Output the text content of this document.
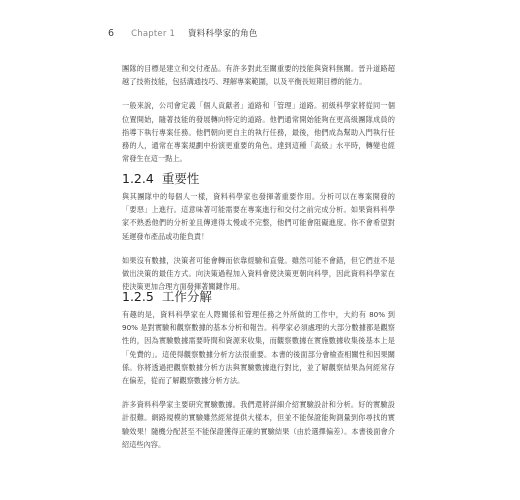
6 Chapter 1 資料科學家的角色

團隊的目標是建立和交付產品。有許多對此至關重要的技能與資料無關。晉升道路超越了技術技能，包括溝通技巧、理解專案範圍，以及平衡長短期目標的能力。

一般來說，公司會定義「個人貢獻者」道路和「管理」道路。初級科學家將從同一個位置開始，隨著技能的發展轉向特定的道路。他們通常開始能夠在更高級團隊成員的指導下執行專案任務。他們朝向更自主的執行任務，最後，他們成為幫助入門執行任務的人，通常在專案規劃中扮演更重要的角色。達到這種「高級」水平時，轉變也經常發生在這一點上。

1.2.4 重要性

與其團隊中的每個人一樣，資料科學家也發揮著重要作用。分析可以在專案開發的「要惡」上進行。這意味著可能需要在專案進行和交付之前完成分析。如果資料科學家不熟悉他們的分析並且傳達得太慢或不完整，他們可能會阻礙進度。你不會希望對延遲發布產品或功能負責！

如果沒有數據，決策者可能會轉而依靠經驗和直覺。雖然可能不會錯，但它們並不是做出決策的最佳方式。向決策過程加入資料會使決策更朝向科學，因此資料科學家在使決策更加合理方面發揮著關鍵作用。

1.2.5 工作分解

有趣的是，資料科學家在人際關係和管理任務之外所做的工作中，大約有 80% 到 90% 是對實驗和觀察數據的基本分析和報告。科學家必須處理的大部分數據都是觀察性的，因為實驗數據需要時間和資源來收集，而觀察數據在實施數據收集後基本上是「免費的」。這使得觀察數據分析方法很重要。本書的後面部分會檢查相關性和因果關係。你將透過把觀察數據分析方法與實驗數據進行對比，並了解觀察結果為何經常存在偏差，從而了解觀察數據分析方法。

許多資料科學家主要研究實驗數據。我們還將詳細介紹實驗設計和分析。好的實驗設計很難。網路規模的實驗雖然經常提供大樣本，但並不能保證能夠測量到你尋找的實驗效果！隨機分配甚至不能保證獲得正確的實驗結果（由於選擇偏差）。本書後面會介紹這些內容。
